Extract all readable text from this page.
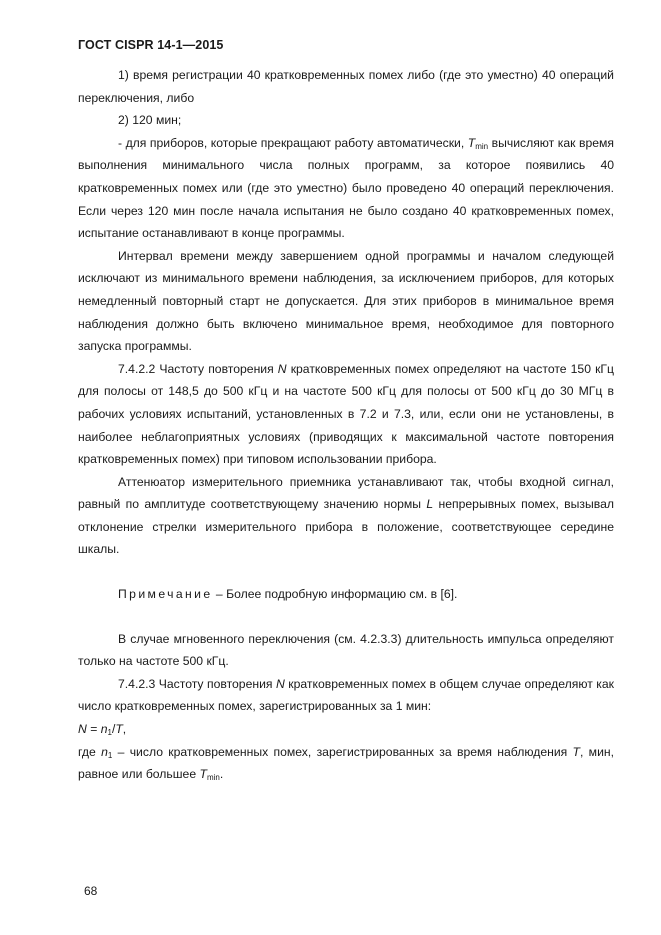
ГОСТ CISPR 14-1—2015

1) время регистрации 40 кратковременных помех либо (где это уместно) 40 операций переключения, либо

2) 120 мин;

- для приборов, которые прекращают работу автоматически, $T_{min}$ вычисляют как время выполнения минимального числа полных программ, за которое появились 40 кратковременных помех или (где это уместно) было проведено 40 операций переключения. Если через 120 мин после начала испытания не было создано 40 кратковременных помех, испытание останавливают в конце программы.

Интервал времени между завершением одной программы и началом следующей исключают из минимального времени наблюдения, за исключением приборов, для которых немедленный повторный старт не допускается. Для этих приборов в минимальное время наблюдения должно быть включено минимальное время, необходимое для повторного запуска программы.

7.4.2.2 Частоту повторения N кратковременных помех определяют на частоте 150 кГц для полосы от 148,5 до 500 кГц и на частоте 500 кГц для полосы от 500 кГц до 30 МГц в рабочих условиях испытаний, установленных в 7.2 и 7.3, или, если они не установлены, в наиболее неблагоприятных условиях (приводящих к максимальной частоте повторения кратковременных помех) при типовом использовании прибора.

Аттенюатор измерительного приемника устанавливают так, чтобы входной сигнал, равный по амплитуде соответствующему значению нормы L непрерывных помех, вызывал отклонение стрелки измерительного прибора в положение, соответствующее середине шкалы.

Примечание – Более подробную информацию см. в [6].

В случае мгновенного переключения (см. 4.2.3.3) длительность импульса определяют только на частоте 500 кГц.

7.4.2.3 Частоту повторения N кратковременных помех в общем случае определяют как число кратковременных помех, зарегистрированных за 1 мин:

$N = n_1/T$,

где $n_1$ – число кратковременных помех, зарегистрированных за время наблюдения T, мин, равное или большее $T_{min}$.

68
